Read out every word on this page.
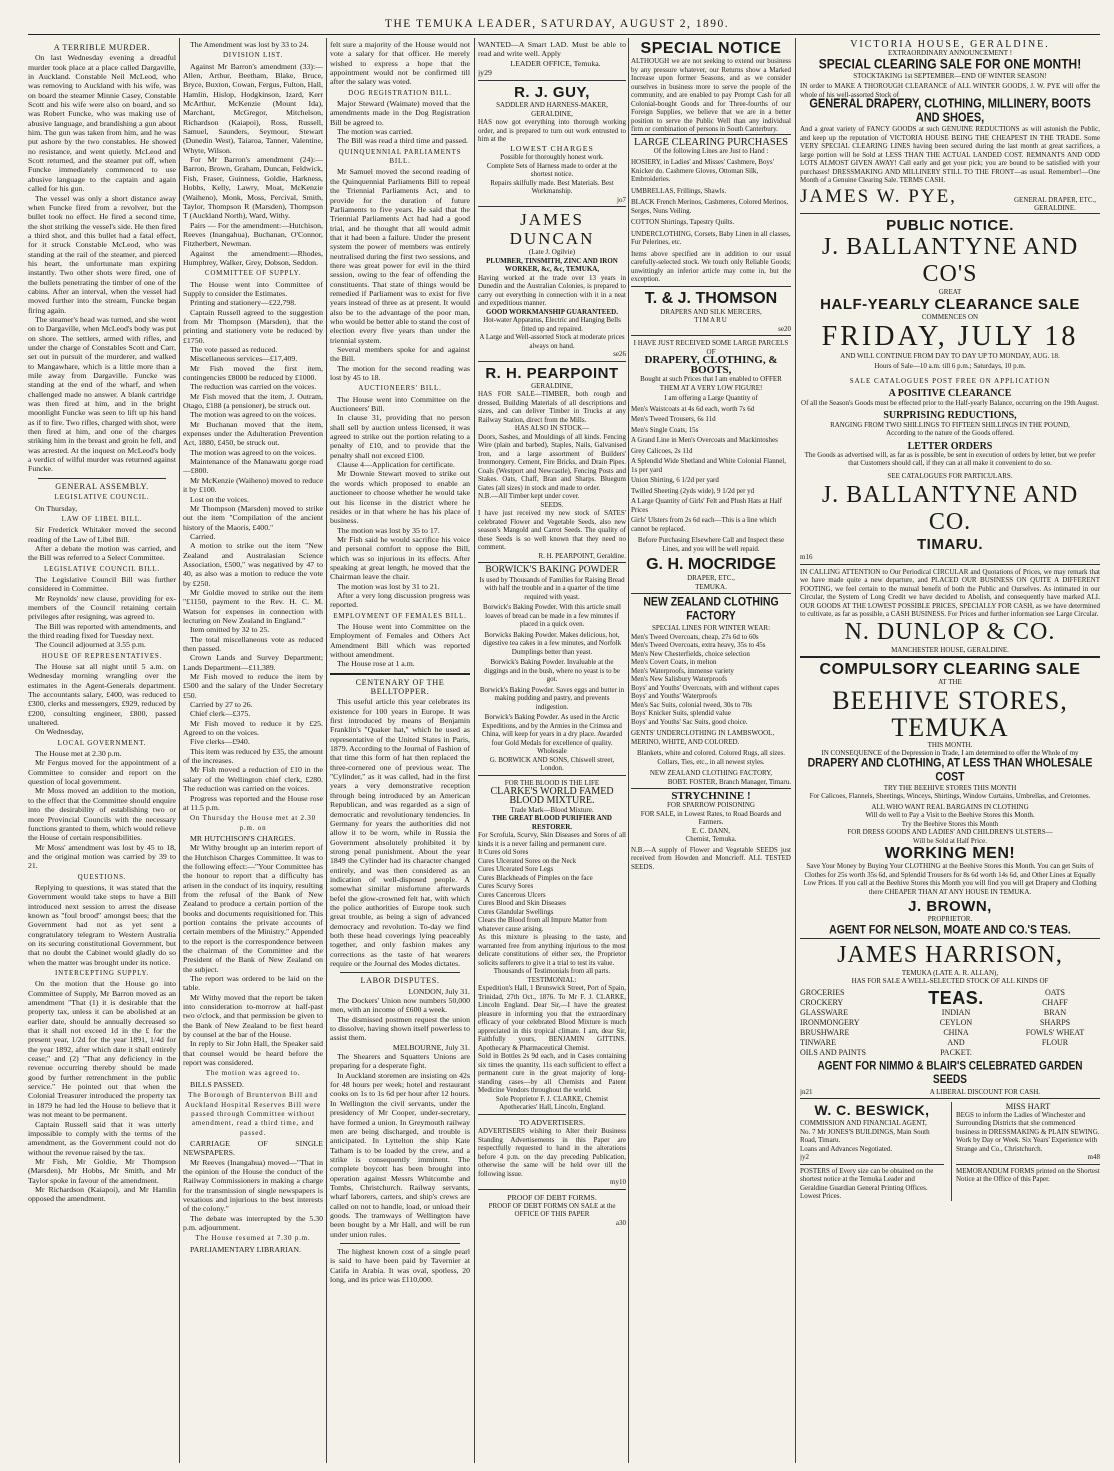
THE TEMUKA LEADER, SATURDAY, AUGUST 2, 1890.
A TERRIBLE MURDER.

On last Wednesday evening a dreadful murder took place at a place called Dargaville, in Auckland. Constable Neil McLeod, who was removing to Auckland with his wife, was on board the steamer Minnie Casey, Constable Scott and his wife were also on board, and so was Robert Funcke, who was making use of abusive language, and brandishing a gun about him. The gun was taken from him, and he was put ashore by the two constables. He showed no resistance, and went quietly. McLeod and Scott returned, and the steamer put off, when Funcke immediately commenced to use abusive language to the captain and again called for his gun.

The vessel was only a short distance away when Funcke fired from a revolver, but the bullet took no effect. He fired a second time, the shot striking the vessel's side. He then fired a third shot, and this bullet had a fatal effect, for it struck Constable McLeod, who was standing at the rail of the steamer, and pierced his heart, the unfortunate man expiring instantly. Two other shots were fired, one of the bullets penetrating the timber of one of the cabins. After an interval, when the vessel had moved further into the stream, Funcke began firing again.

The steamer's head was turned, and she went on to Dargaville, when McLeod's body was put on shore. The settlers, armed with rifles, and under the charge of Constables Scott and Carr, set out in pursuit of the murderer, and walked to Mangawhare, which is a little more than a mile away from Dargaville. Funcke was standing at the end of the wharf, and when challenged made no answer. A blank cartridge was then fired at him, and in the bright moonlight Funcke was seen to lift up his hand as if to fire. Two rifles, charged with shot, were then fired at him, and one of the charges striking him in the breast and groin he fell, and was arrested. At the inquest on McLeod's body a verdict of wilful murder was returned against Funcke.

GENERAL ASSEMBLY.
LEGISLATIVE COUNCIL.

On Thursday,

LAW OF LIBEL BILL.

Sir Frederick Whitaker moved the second reading of the Law of Libel Bill.

After a debate the motion was carried, and the Bill was referred to a Select Committee.

LEGISLATIVE COUNCIL BILL.

The Legislative Council Bill was further considered in Committee.

Mr Reynolds' new clause, providing for ex-members of the Council retaining certain privileges after resigning, was agreed to.

The Bill was reported with amendments, and the third reading fixed for Tuesday next.

The Council adjourned at 3.55 p.m.

HOUSE OF REPRESENTATIVES.

The House sat all night until 5 a.m. on Wednesday morning wrangling over the estimates in the Agent-Generals department. The accountants salary, £400, was reduced to £300, clerks and messengers, £929, reduced by £200, consulting engineer, £800, passed unaltered.

On Wednesday,

LOCAL GOVERNMENT.

The House met at 2.30 p.m.

Mr Fergus moved for the appointment of a Committee to consider and report on the question of local government.

Mr Moss moved an addition to the motion, to the effect that the Committee should enquire into the desirability of establishing two or more Provincial Councils with the necessary functions granted to them, which would relieve the House of certain responsibilities.

Mr Moss' amendment was lost by 45 to 18, and the original motion was carried by 39 to 21.

QUESTIONS.

Replying to questions, it was stated that the Government would take steps to have a Bill introduced next session to arrest the disease known as "foul brood" amongst bees; that the Government had not as yet sent a congratulatory telegram to Western Australia on its securing constitutional Government, but that no doubt the Cabinet would gladly do so when the matter was brought under its notice.

INTERCEPTING SUPPLY.

On the motion that the House go into Committee of Supply, Mr Barron moved as an amendment "That (1) it is desirable that the property tax, unless it can be abolished at an earlier date, should be annually decreased so that it shall not exceed 1d in the £ for the present year, 1/2d for the year 1891, 1/4d for the year 1892, after which date it shall entirely cease;" and (2) "That any deficiency in the revenue occurring thereby should be made good by further retrenchment in the public service." He pointed out that when the Colonial Treasurer introduced the property tax in 1879 he had led the House to believe that it was not meant to be permanent.

Captain Russell said that it was utterly impossible to comply with the terms of the amendment, as the Government could not do without the revenue raised by the tax.

Mr Fish, Mr Goldie, Mr Thompson (Marsden), Mr Hobbs, Mr Smith, and Mr Taylor spoke in favour of the amendment.

Mr Richardson (Kaiapoi), and Mr Hamlin opposed the amendment.

The Amendment was lost by 33 to 24.

DIVISION LIST.

Against Mr Barron's amendment (33):—Allen, Arthur, Beetham, Blake, Bruce, Bryce, Buxton, Cowan, Fergus, Fulton, Hall, Hamlin, Hislop, Hodgkinson, Izard, Kerr McArthur, McKenzie (Mount Ida), Marchant, McGregor, Mitchelson, Richardson (Kaiapoi), Ross, Russell, Samuel, Saunders, Seymour, Stewart (Dunedin West), Taiaroa, Tanner, Valentine, Whyte, Wilson.

For Mr Barron's amendment (24):—Barron, Brown, Graham, Duncan, Feldwick, Fish, Fraser, Guinness, Goldie, Harkness, Hobbs, Kelly, Lawry, Moat, McKenzie (Waiheno), Monk, Moss, Percival, Smith, Taylor, Thompson R (Marsden), Thompson T (Auckland North), Ward, Withy.

Pairs — For the amendment:—Hutchison, Reeves (Inangahua), Buchanan, O'Connor, Fitzherbert, Newman.

Against the amendment:—Rhodes, Humphrey, Walker, Grey, Dobson, Seddon.

COMMITTEE OF SUPPLY.

The House went into Committee of Supply to consider the Estimates.

Printing and stationery—£22,798.

Captain Russell agreed to the suggestion from Mr Thompson (Marsden), that the printing and stationery vote be reduced by £1750.

The vote passed as reduced.

Miscellaneous services—£17,409.

Mr Fish moved the first item, contingencies £8000 be reduced by £1000.

The reduction was carried on the voices.

Mr Fish moved that the item, J. Outram, Otago, £188 (a pensioner), be struck out.

The motion was agreed to on the voices.

Mr Buchanan moved that the item, expenses under the Adulteration Prevention Act, 1880, £450, be struck out.

The motion was agreed to on the voices.

Maintenance of the Manawatu gorge road—£800.

Mr McKenzie (Waiheno) moved to reduce it by £100.

Lost on the voices.

Mr Thompson (Marsden) moved to strike out the item "Compilation of the ancient history of the Maoris, £400."

Carried.

A motion to strike out the item "New Zealand and Australasian Science Association, £500," was negatived by 47 to 40, as also was a motion to reduce the vote by £250.

Mr Goldie moved to strike out the item "£1150, payment to the Rev. H. C. M. Watson for expenses in connection with lecturing on New Zealand in England."

Item omitted by 32 to 25.

The total miscellaneous vote as reduced then passed.

Crown Lands and Survey Department; Lands Department—£11,389.

Mr Fish moved to reduce the item by £500 and the salary of the Under Secretary £50.

Carried by 27 to 26.

Chief clerk—£375.

Mr Fish moved to reduce it by £25. Agreed to on the voices.

Five clerks—£940.

This item was reduced by £35, the amount of the increases.

Mr Fish moved a reduction of £10 in the salary of the Wellington chief clerk, £280. The reduction was carried on the voices.

Progress was reported and the House rose at 11.5 p.m.

On Thursday the House met at 2.30 p.m. on

MR HUTCHISON'S CHARGES.

Mr Withy brought up an interim report of the Hutchison Charges Committee. It was to the following effect:—"Your Committee has the honour to report that a difficulty has arisen in the conduct of its inquiry, resulting from the refusal of the Bank of New Zealand to produce a certain portion of the books and documents requisitioned for. This portion contains the private accounts of certain members of the Ministry." Appended to the report is the correspondence between the chairman of the Committee and the President of the Bank of New Zealand on the subject.

The report was ordered to be laid on the table.

Mr Withy moved that the report be taken into consideration to-morrow at half-past two o'clock, and that permission be given to the Bank of New Zealand to be first heard by counsel at the bar of the House.

In reply to Sir John Hall, the Speaker said that counsel would be heard before the report was considered.

The motion was agreed to.

BILLS PASSED.

The Borough of Bruntervon Bill and Auckland Hospital Reserves Bill were passed through Committee without amendment, read a third time, and passed.

CARRIAGE OF SINGLE NEWSPAPERS.

Mr Reeves (Inangahua) moved—"That in the opinion of the House the conduct of the Railway Commissioners in making a charge for the transmission of single newspapers is vexatious and injurious to the best interests of the colony."

The debate was interrupted by the 5.30 p.m. adjournment.

The House resumed at 7.30 p.m.

PARLIAMENTARY LIBRARIAN.

felt sure a majority of the House would not vote a salary for that officer. He merely wished to express a hope that the appointment would not be confirmed till after the salary was voted.

DOG REGISTRATION BILL.

Major Steward (Waimate) moved that the amendments made in the Dog Registration Bill be agreed to.

The motion was carried.

The Bill was read a third time and passed.

QUINQUENNIAL PARLIAMENTS BILL.

Mr Samuel moved the second reading of the Quinquennial Parliaments Bill to repeal the Triennial Parliaments Act, and to provide for the duration of future Parliaments to five years. He said that the Triennial Parliaments Act had had a good trial, and he thought that all would admit that it had been a failure. Under the present system the power of members was entirely neutralised during the first two sessions, and there was great power for evil in the third session, owing to the fear of offending the constituents. That state of things would be remedied if Parliament was to exist for five years instead of three as at present. It would also be to the advantage of the poor man, who would be better able to stand the cost of election every five years than under the triennial system.

Several members spoke for and against the Bill.

The motion for the second reading was lost by 45 to 18.

AUCTIONEERS' BILL.

The House went into Committee on the Auctioneers' Bill.

In clause 31, providing that no person shall sell by auction unless licensed, it was agreed to strike out the portion relating to a penalty of £10, and to provide that the penalty shall not exceed £100.

Clause 4—Application for certificate.

Mr Downie Stewart moved to strike out the words which proposed to enable an auctioneer to choose whether he would take out his license in the district where he resides or in that where he has his place of business.

The motion was lost by 35 to 17.

Mr Fish said he would sacrifice his voice and personal comfort to oppose the Bill, which was so injurious in its effects. After speaking at great length, he moved that the Chairman leave the chair.

The motion was lost by 31 to 21.

After a very long discussion progress was reported.

EMPLOYMENT OF FEMALES BILL.

The House went into Committee on the Employment of Females and Others Act Amendment Bill which was reported without amendment.

The House rose at 1 a.m.

CENTENARY OF THE BELLTOPPER.

This useful article this year celebrates its existence for 100 years in Europe. It was first introduced by means of Benjamin Franklin's "Quaker hat," which he used as representative of the United States in Paris, 1879. According to the Journal of Fashion of that time this form of hat then replaced the three-cornered one of previous wear. The "Cylinder," as it was called, had in the first years a very demonstrative reception through being introduced by an American Republican, and was regarded as a sign of democratic and revolutionary tendencies. In Germany for years the authorities did not allow it to be worn, while in Russia the Government absolutely prohibited it by strong penal punishment. About the year 1849 the Cylinder had its character changed entirely, and was then considered as an indication of well-disposed people. A somewhat similar misfortune afterwards befel the glow-crowned felt hat, with which the police authorities of Europe took such great trouble, as being a sign of advanced democracy and revolution. To-day we find both these head coverings lying peaceably together, and only fashion makes any corrections as the taste of hat wearers require or the Journal des Modes dictates.

LABOR DISPUTES.

LONDON, July 31.

The Dockers' Union now numbers 50,000 men, with an income of £600 a week.

The dismissed postmen request the union to dissolve, having shown itself powerless to assist them.

MELBOURNE, July 31.

The Shearers and Squatters Unions are preparing for a desperate fight.

In Auckland storemen are insisting on 42s for 48 hours per week; hotel and restaurant cooks on 1s to 1s 6d per hour after 12 hours. In Wellington the civil servants, under the presidency of Mr Cooper, under-secretary, have formed a union. In Greymouth railway men are being discharged, and trouble is anticipated. In Lyttelton the ship Kate Tatham is to be loaded by the crew, and a strike is consequently imminent. The complete boycott has been brought into operation against Messrs Whitcombe and Tombs, Christchurch. Railway servants, wharf laborers, carters, and ship's crews are called on not to handle, load, or unload their goods. The tramways of Wellington have been bought by a Mr Hall, and will be run under union rules.

The highest known cost of a single pearl is said to have been paid by Tavernier at Catifa in Arabia. It was oval, spotless, 20 long, and its price was £110,000.

WANTED—A Smart LAD. Must be able to read and write well. Apply

LEADER OFFICE, Temuka.

jy29

R. J. GUY,
SADDLER AND HARNESS-MAKER, GERALDINE,

HAS now got everything into thorough working order, and is prepared to turn out work entrusted to him at the

LOWEST CHARGES
Possible for thoroughly honest work.
Complete Sets of Harness made to order at the shortest notice.
Repairs skilfully made. Best Materials. Best Workmanship.
jo7
JAMES DUNCAN
(Late J. Ogilvie)
PLUMBER, TINSMITH, ZINC AND IRON WORKER, &c, &c, TEMUKA,

Having worked at the trade over 13 years in Dunedin and the Australian Colonies, is prepared to carry out everything in connection with it in a neat and expeditious manner.

GOOD WORKMANSHIP GUARANTEED.
Hot-water Apparatus, Electric and Hanging Bells fitted up and repaired.
A Large and Well-assorted Stock at moderate prices always on hand.
se26
R. H. PEARPOINT
GERALDINE,

HAS FOR SALE—TIMBER, both rough and dressed, Building Materials of all descriptions and sizes, and can deliver Timber in Trucks at any Railway Station, direct from the Mills.

HAS ALSO IN STOCK—

Doors, Sashes, and Mouldings of all kinds. Fencing Wire (plain and barbed), Staples, Nails, Galvanised Iron, and a large assortment of Builders' Ironmongery. Cement, Fire Bricks, and Drain Pipes. Coals (Westport and Newcastle), Fencing Posts and Stakes. Oats, Chaff, Bran and Sharps. Bluegum Gates (all sizes) in stock and made to order.

N.B.—All Timber kept under cover.
SEEDS.

I have just received my new stock of SATES' celebrated Flower and Vegetable Seeds, also new season's Mangold and Carrot Seeds. The quality of these Seeds is so well known that they need no comment.

R. H. PEARPOINT, Geraldine.
BORWICK'S BAKING POWDER
Is used by Thousands of Families for Raising Bread with half the trouble and in a quarter of the time required with yeast.
Borwick's Baking Powder. With this article small loaves of bread can be made in a few minutes if placed in a quick oven.
Borwicks Baking Powder. Makes delicious, hot, digestive tea cakes in a few minutes, and Norfolk Dumplings better than yeast.
Borwick's Baking Powder. Invaluable at the diggings and in the bush, where no yeast is to be got.
Borwick's Baking Powder. Saves eggs and butter in making pudding and pastry, and prevents indigestion.
Borwick's Baking Powder. As used in the Arctic Expeditions, and by the Armies in the Crimea and China, will keep for years in a dry place. Awarded four Gold Medals for excellence of quality.
Wholesale
G. BORWICK AND SONS, Chiswell street, London.
FOR THE BLOOD IS THE LIFE
CLARKE'S WORLD FAMED BLOOD MIXTURE.
Trade Mark—Blood Mixture.
THE GREAT BLOOD PURIFIER AND RESTORER.

For Scrofula, Scurvy, Skin Diseases and Sores of all kinds it is a never failing and permanent cure.

It Cures old Sores
Cures Ulcerated Sores on the Neck
Cures Ulcerated Sore Legs
Cures Blackheads of Pimples on the face
Cures Scurvy Sores
Cures Cancerous Ulcers
Cures Blood and Skin Diseases
Cures Glandular Swellings
Clears the Blood from all Impure Matter from whatever cause arising.

As this mixture is pleasing to the taste, and warranted free from anything injurious to the most delicate constitutions of either sex, the Proprietor solicits sufferers to give it a trial to test its value.

Thousands of Testimonials from all parts.
TESTIMONIAL:

Expedition's Hall, 1 Brunswick Street, Port of Spain, Trinidad, 27th Oct., 1876. To Mr F. J. CLARKE, Lincoln England. Dear Sir,—I have the greatest pleasure in informing you that the extraordinary efficacy of your celebrated Blood Mixture is much appreciated in this tropical climate. I am, dear Sir, Faithfully yours, BENJAMIN GITTINS. Apothecary & Pharmaceutical Chemist.

Sold in Bottles 2s 9d each, and in Cases containing six times the quantity, 11s each sufficient to effect a permanent cure in the great majority of long-standing cases—by all Chemists and Patent Medicine Vendors throughout the world.

Sole Proprietor F. J. CLARKE, Chemist Apothecaries' Hall, Lincoln, England.
TO ADVERTISERS.

ADVERTISERS wishing to Alter their Business Standing Advertisements in this Paper are respectfully requested to hand in the alterations before 4 p.m. on the day preceding Publication, otherwise the same will be held over till the following issue.

my10
PROOF OF DEBT FORMS.

PROOF OF DEBT FORMS ON SALE at the OFFICE OF THIS PAPER

a30
SPECIAL NOTICE

ALTHOUGH we are not seeking to extend our business by any pressure whatever, our Returns show a Marked Increase upon former Seasons, and as we consider ourselves in business more to serve the people of the community, and are enabled to pay Prompt Cash for all Colonial-bought Goods and for Three-fourths of our Foreign Supplies, we believe that we are in a better position to serve the Public Well than any individual firm or combination of persons in South Canterbury.

LARGE CLEARING PURCHASES
Of the following Lines are Just to Hand :
HOSIERY, in Ladies' and Misses' Cashmere, Boys' Knicker do. Cashmere Gloves, Ottoman Silk, Embroideries.
UMBRELLAS, Frillings, Shawls.
BLACK French Merinos, Cashmeres, Colored Merinos, Serges, Nuns Veiling.
COTTON Shirtings, Tapestry Quilts.
UNDERCLOTHING, Corsets, Baby Linen in all classes, Fur Pelerines, etc.

Items above specified are in addition to our usual carefully-selected stock. We touch only Reliable Goods; unwittingly an inferior article may come in, but the exception.

T. & J. THOMSON
DRAPERS AND SILK MERCERS,
TIMARU
se20
I HAVE JUST RECEIVED SOME LARGE PARCELS OF
DRAPERY, CLOTHING, & BOOTS,
Bought at such Prices that I am enabled to OFFER THEM AT A VERY LOW FIGURE!
I am offering a Large Quantity of
Men's Waistcoats at 4s 6d each, worth 7s 6d
Men's Tweed Trousers, 6s 11d
Men's Single Coats, 15s
A Grand Line in Men's Overcoats and Mackintoshes
Grey Calicoes, 2s 11d
A Splendid Wide Shetland and White Colonial Flannel, 1s per yard
Union Shirting, 6 1/2d per yard
Twilled Sheeting (2yds wide), 9 1/2d per yd
A Large Quantity of Girls' Felt and Plush Hats at Half Prices
Girls' Ulsters from 2s 6d each—This is a line which cannot be replaced.
Before Purchasing Elsewhere Call and Inspect these Lines, and you will be well repaid.
G. H. MOCRIDGE
DRAPER, ETC.,
TEMUKA.
NEW ZEALAND CLOTHING FACTORY
SPECIAL LINES FOR WINTER WEAR:
Men's Tweed Overcoats, cheap, 27s 6d to 60s
Men's Tweed Overcoats, extra heavy, 35s to 45s
Men's New Chesterfields, choice selection
Men's Covert Coats, in melton
Men's Waterproofs, immense variety
Men's New Salisbury Waterproofs
Boys' and Youths' Overcoats, with and without capes
Boys' and Youths' Waterproofs
Men's Sac Suits, colonial tweed, 30s to 70s
Boys' Knicker Suits, splendid value
Boys' and Youths' Sac Suits, good choice.
GENTS' UNDERCLOTHING IN LAMBSWOOL, MERINO, WHITE, AND COLORED.
Blankets, white and colored. Colored Rugs, all sizes. Collars, Ties, etc., in all newest styles.
NEW ZEALAND CLOTHING FACTORY,
BOBT. FOSTER, Branch Manager, Timaru.
STRYCHNINE !
FOR SPARROW POISONING
FOR SALE, in Lowest Rates, to Road Boards and Farmers.
E. C. DANN,
Chemist, Temuka.

N.B.—A supply of Flower and Vegetable SEEDS just received from Howden and Moncrieff. ALL TESTED SEEDS.

VICTORIA HOUSE, GERALDINE.
EXTRAORDINARY ANNOUNCEMENT !
SPECIAL CLEARING SALE FOR ONE MONTH!
STOCKTAKING 1st SEPTEMBER—END OF WINTER SEASON!

IN order to MAKE A THOROUGH CLEARANCE of ALL WINTER GOODS, J. W. PYE will offer the whole of his well-assorted Stock of

GENERAL DRAPERY, CLOTHING, MILLINERY, BOOTS AND SHOES,

And a great variety of FANCY GOODS at such GENUINE REDUCTIONS as will astonish the Public, and keep up the reputation of VICTORIA HOUSE BEING THE CHEAPEST IN THE TRADE. Some VERY SPECIAL CLEARING LINES having been secured during the last month at great sacrifices, a large portion will be Sold at LESS THAN THE ACTUAL LANDED COST. REMNANTS AND ODD LOTS ALMOST GIVEN AWAY! Call early and get your pick; you are bound to be satisfied with your purchases! DRESSMAKING AND MILLINERY STILL TO THE FRONT—as usual. Remember!—One Month of a Genuine Clearing Sale. TERMS CASH.

JAMES W. PYE,	GENERAL DRAPER, ETC., GERALDINE.
PUBLIC NOTICE.
J. BALLANTYNE AND CO'S
GREAT
HALF-YEARLY CLEARANCE SALE
COMMENCES ON
FRIDAY, JULY 18
AND WILL CONTINUE FROM DAY TO DAY UP TO MONDAY, AUG. 18.
Hours of Sale—10 a.m. till 6 p.m.; Saturdays, 10 p.m.
SALE CATALOGUES POST FREE ON APPLICATION
A POSITIVE CLEARANCE
Of all the Season's Goods must be effected prior to the Half-yearly Balance, occurring on the 19th August.
SURPRISING REDUCTIONS,
RANGING FROM TWO SHILLINGS TO FIFTEEN SHILLINGS IN THE POUND,
According to the nature of the Goods offered.
LETTER ORDERS
The Goods as advertised will, as far as is possible, be sent in execution of orders by letter, but we prefer that Customers should call, if they can at all make it convenient to do so.
SEE CATALOGUES FOR PARTICULARS.
J. BALLANTYNE AND CO.
TIMARU.
m16

IN CALLING ATTENTION to Our Periodical CIRCULAR and Quotations of Prices, we may remark that we have made quite a new departure, and PLACED OUR BUSINESS ON QUITE A DIFFERENT FOOTING, we feel certain to the mutual benefit of both the Public and Ourselves. As intimated in our Circular, the System of Long Credit we have decided to Abolish, and consequently have marked ALL OUR GOODS AT THE LOWEST POSSIBLE PRICES, SPECIALLY FOR CASH, as we have determined to cultivate, as far as possible, a CASH BUSINESS. For Prices and further information see Large Circular.

N. DUNLOP & CO.
MANCHESTER HOUSE, GERALDINE.
COMPULSORY CLEARING SALE
AT THE
BEEHIVE STORES, TEMUKA
THIS MONTH.
IN CONSEQUENCE of the Depression in Trade, I am determined to offer the Whole of my
DRAPERY AND CLOTHING, AT LESS THAN WHOLESALE COST
TRY THE BEEHIVE STORES THIS MONTH
For Calicoes, Flannels, Sheetings, Winceys, Shirtings, Window Curtains, Umbrellas, and Cretonnes.
ALL WHO WANT REAL BARGAINS IN CLOTHING
Will do well to Pay a Visit to the Beehive Stores this Month.
Try the Beehive Stores this Month
FOR DRESS GOODS AND LADIES' AND CHILDREN'S ULSTERS—
Will be Sold at Half Price.
WORKING MEN!

Save Your Money by Buying Your CLOTHING at the Beehive Stores this Month. You can get Suits of Clothes for 25s worth 35s 6d, and Splendid Trousers for 8s 6d worth 14s 6d, and Other Lines at Equally Low Prices. If you call at the Beehive Stores this Month you will find you will get Drapery and Clothing there CHEAPER THAN AT ANY HOUSE IN TEMUKA.

J. BROWN,
PROPRIETOR.
AGENT FOR NELSON, MOATE AND CO.'S TEAS.
JAMES HARRISON,
TEMUKA (LATE A. R. ALLAN),
HAS FOR SALE A WELL-SELECTED STOCK OF ALL KINDS OF
GROCERIES
CROCKERY
GLASSWARE
IRONMONGERY
BRUSHWARE
TINWARE
OILS AND PAINTS
TEAS.
INDIAN
CEYLON
CHINA
AND
PACKET.
OATS
CHAFF
BRAN
SHARPS
FOWLS' WHEAT
FLOUR
AGENT FOR NIMMO & BLAIR'S CELEBRATED GARDEN SEEDS
jn21	A LIBERAL DISCOUNT FOR CASH.
W. C. BESWICK,
COMMISSION AND FINANCIAL AGENT,
No. 7 Mr JONES'S BUILDINGS, Main South Road, Timaru.
Loans and Advances Negotiated.
jy2
POSTERS of Every size can be obtained on the shortest notice at the Temuka Leader and Geraldine Guardian General Printing Offices. Lowest Prices.
MISS HART
BEGS to inform the Ladies of Winchester and Surrounding Districts that she commenced business in DRESSMAKING & PLAIN SEWING. Work by Day or Week. Six Years' Experience with Strange and Co., Christchurch.
m48
MEMORANDUM FORMS printed on the Shortest Notice at the Office of this Paper.
